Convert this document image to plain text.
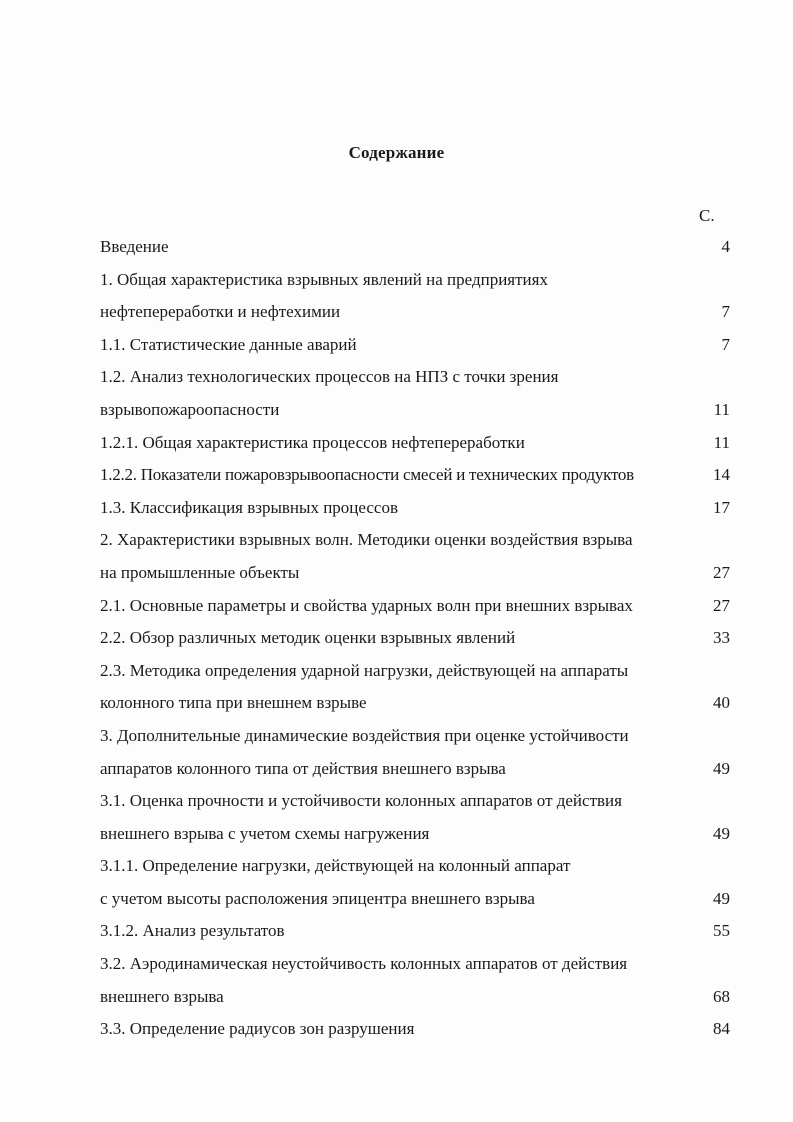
Содержание
С.
Введение	4
1. Общая характеристика взрывных явлений на предприятиях
нефтепереработки и нефтехимии	7
1.1. Статистические данные аварий	7
1.2. Анализ технологических процессов на НПЗ с точки зрения
взрывопожароопасности	11
1.2.1. Общая характеристика процессов нефтепереработки	11
1.2.2. Показатели пожаровзрывоопасности смесей и технических продуктов	14
1.3. Классификация взрывных процессов	17
2. Характеристики взрывных волн. Методики оценки воздействия взрыва
на промышленные объекты	27
2.1. Основные параметры и свойства ударных волн при внешних взрывах	27
2.2. Обзор различных методик оценки взрывных явлений	33
2.3. Методика определения ударной нагрузки, действующей на аппараты
колонного типа при внешнем взрыве	40
3. Дополнительные динамические воздействия при оценке устойчивости
аппаратов колонного типа от действия внешнего взрыва	49
3.1. Оценка прочности и устойчивости колонных аппаратов от действия
внешнего взрыва с учетом схемы нагружения	49
3.1.1. Определение нагрузки, действующей на колонный аппарат
с учетом высоты расположения эпицентра внешнего взрыва	49
3.1.2. Анализ результатов	55
3.2. Аэродинамическая неустойчивость колонных аппаратов от действия
внешнего взрыва	68
3.3. Определение радиусов зон разрушения	84
